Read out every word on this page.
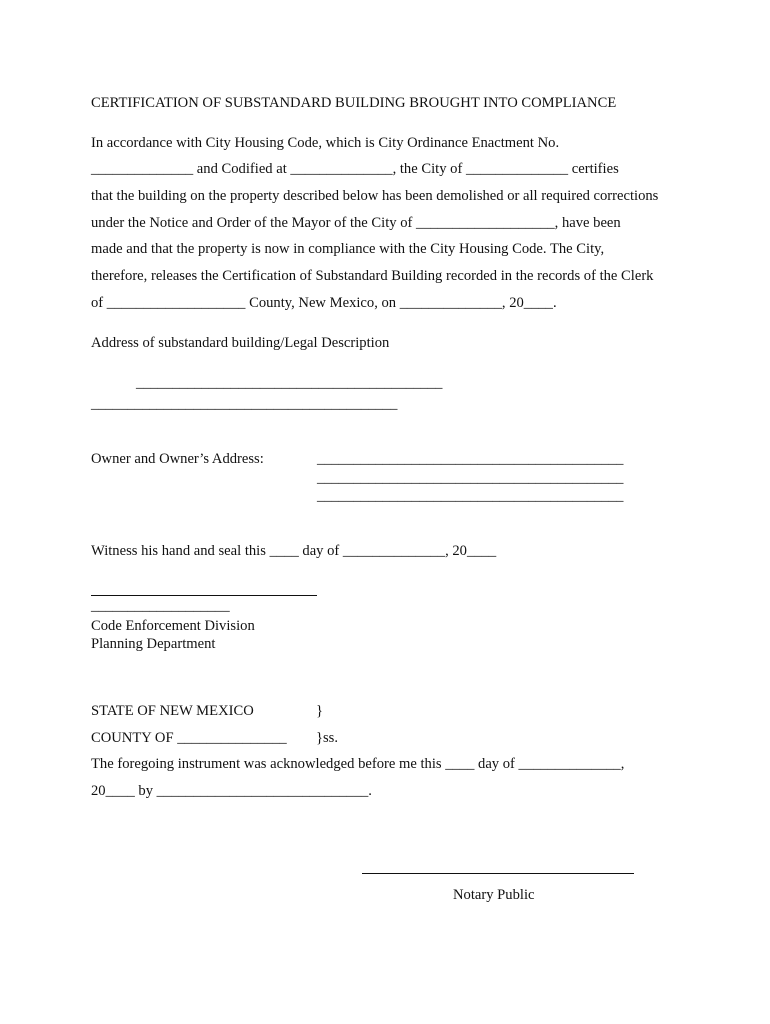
CERTIFICATION OF SUBSTANDARD BUILDING BROUGHT INTO COMPLIANCE
In accordance with City Housing Code, which is City Ordinance Enactment No.
______________ and Codified at ______________, the City of ______________ certifies
that the building on the property described below has been demolished or all required corrections
under the Notice and Order of the Mayor of the City of ___________________, have been
made and that the property is now in compliance with the City Housing Code. The City,
therefore, releases the Certification of Substandard Building recorded in the records of the Clerk
of ___________________ County, New Mexico, on ______________, 20____.
Address of substandard building/Legal Description
__________________________________________
__________________________________________
Owner and Owner’s Address:	__________________________________________
__________________________________________
__________________________________________
Witness his hand and seal this ____ day of ______________, 20____
___________________
Code Enforcement Division
Planning Department
STATE OF NEW MEXICO	}
COUNTY OF _______________ }ss.
The foregoing instrument was acknowledged before me this ____ day of ______________,
20____ by _____________________________.
Notary Public
